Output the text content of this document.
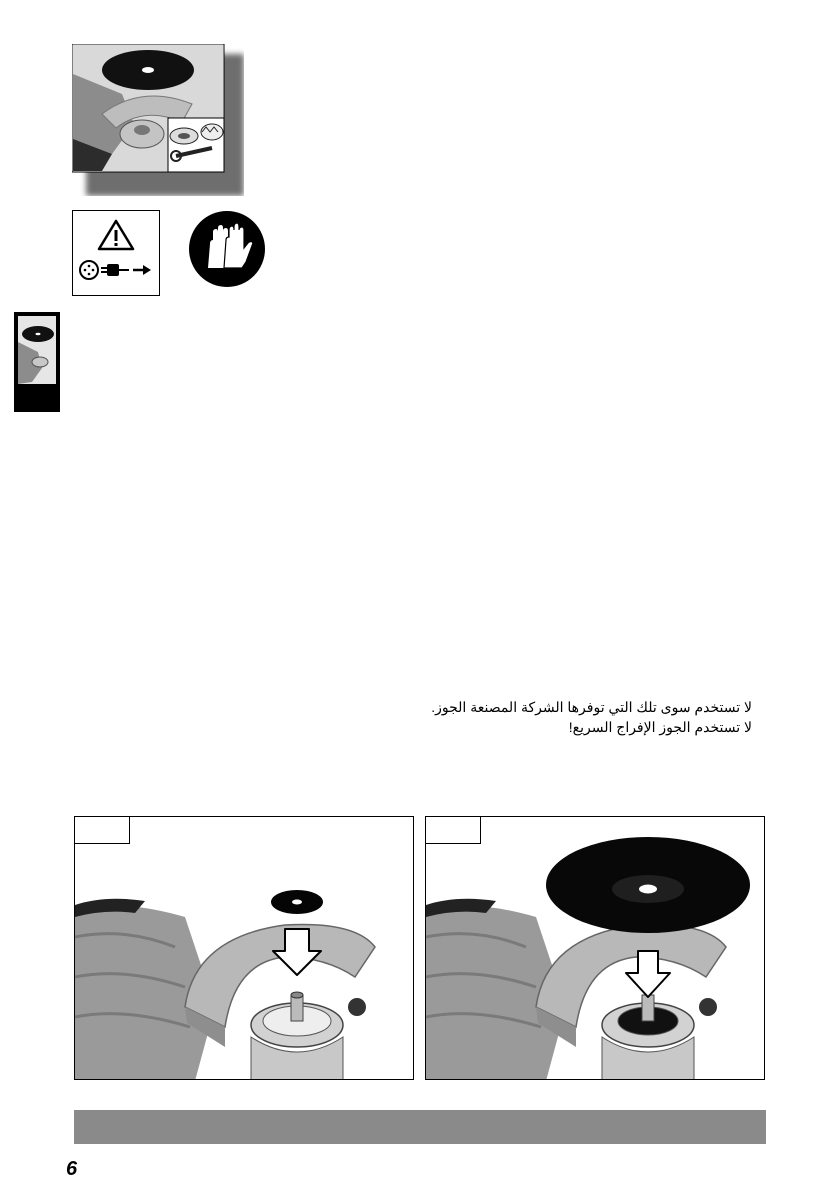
لا تستخدم سوى تلك التي توفرها الشركة المصنعة الجوز.
لا تستخدم الجوز الإفراج السريع!
6
